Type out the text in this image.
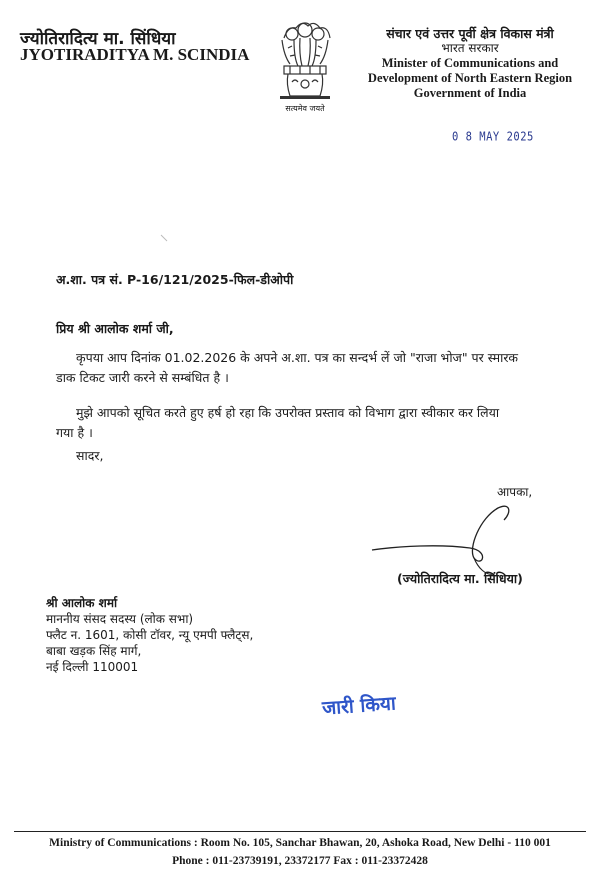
ज्योतिरादित्य मा. सिंधिया
JYOTIRADITYA M. SCINDIA
सत्यमेव जयते
संचार एवं उत्तर पूर्वी क्षेत्र विकास मंत्री
भारत सरकार
Minister of Communications and
Development of North Eastern Region
Government of India
0 8 MAY 2025
अ.शा. पत्र सं. P-16/121/2025-फिल-डीओपी
प्रिय श्री आलोक शर्मा जी,
कृपया आप दिनांक 01.02.2026 के अपने अ.शा. पत्र का सन्दर्भ लें जो "राजा भोज" पर स्मारक
डाक टिकट जारी करने से सम्बंधित है ।
मुझे आपको सूचित करते हुए हर्ष हो रहा कि उपरोक्त प्रस्ताव को विभाग द्वारा स्वीकार कर लिया
गया है ।
सादर,
आपका,
(ज्योतिरादित्य मा. सिंधिया)
श्री आलोक शर्मा
माननीय संसद सदस्य (लोक सभा)
फ्लैट न. 1601, कोसी टॉवर, न्यू एमपी फ्लैट्स,
बाबा खड़क सिंह मार्ग,
नई दिल्ली 110001
जारी किया
Ministry of Communications : Room No. 105, Sanchar Bhawan, 20, Ashoka Road, New Delhi - 110 001
Phone : 011-23739191, 23372177 Fax : 011-23372428
